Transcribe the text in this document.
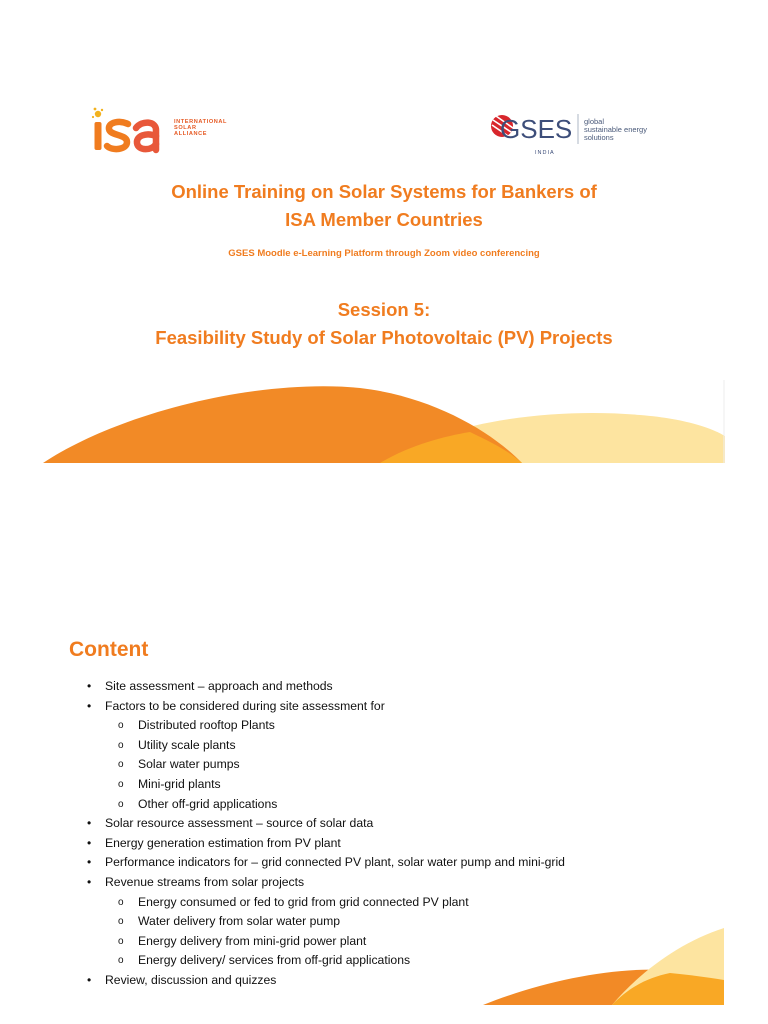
INTERNATIONAL
SOLAR
ALLIANCE	GSES
INDIA
global
sustainable energy
solutions
Online Training on Solar Systems for Bankers of
ISA Member Countries
GSES Moodle e-Learning Platform through Zoom video conferencing
Session 5:
Feasibility Study of Solar Photovoltaic (PV) Projects
Content
• Site assessment – approach and methods
• Factors to be considered during site assessment for
o Distributed rooftop Plants
o Utility scale plants
o Solar water pumps
o Mini-grid plants
o Other off-grid applications
• Solar resource assessment – source of solar data
• Energy generation estimation from PV plant
• Performance indicators for – grid connected PV plant, solar water pump and mini-grid
• Revenue streams from solar projects
o Energy consumed or fed to grid from grid connected PV plant
o Water delivery from solar water pump
o Energy delivery from mini-grid power plant
o Energy delivery/ services from off-grid applications
• Review, discussion and quizzes
